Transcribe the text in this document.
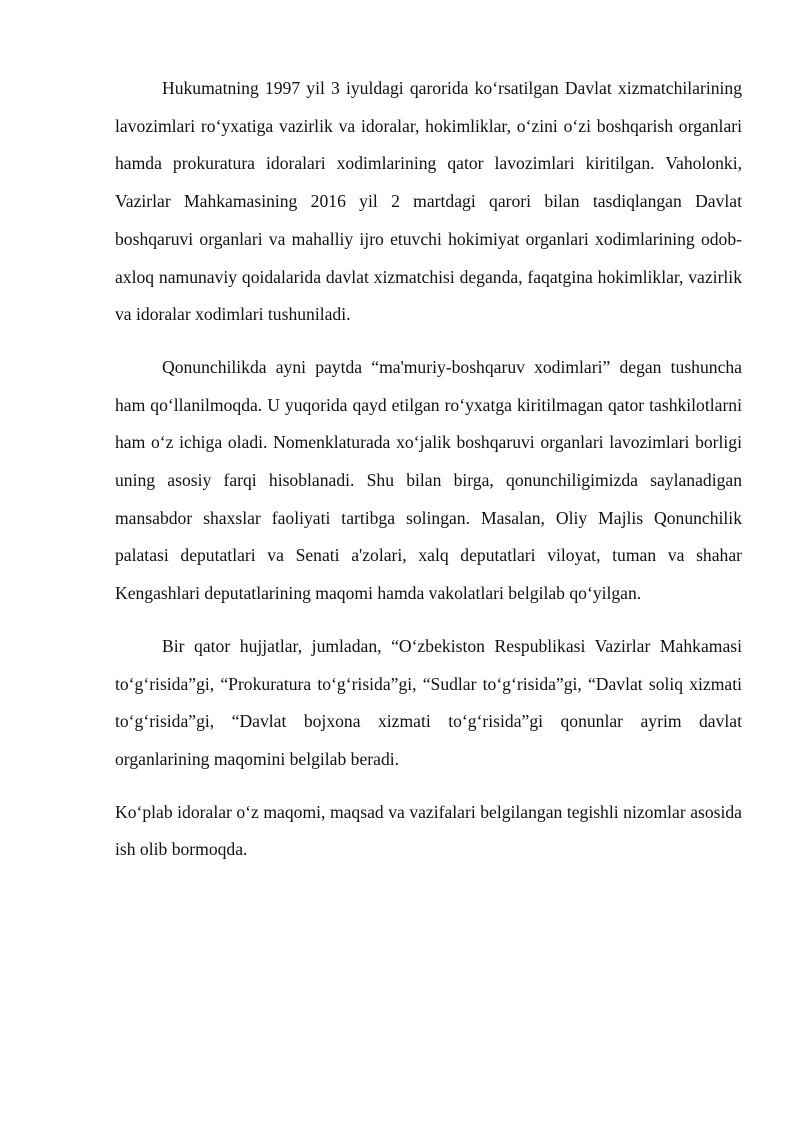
Hukumatning 1997 yil 3 iyuldagi qarorida ko‘rsatilgan Davlat xizmatchilarining lavozimlari ro‘yxatiga vazirlik va idoralar, hokimliklar, o‘zini o‘zi boshqarish organlari hamda prokuratura idoralari xodimlarining qator lavozimlari kiritilgan. Vaholonki, Vazirlar Mahkamasining 2016 yil 2 martdagi qarori bilan tasdiqlangan Davlat boshqaruvi organlari va mahalliy ijro etuvchi hokimiyat organlari xodimlarining odob-axloq namunaviy qoidalarida davlat xizmatchisi deganda, faqatgina hokimliklar, vazirlik va idoralar xodimlari tushuniladi.

Qonunchilikda ayni paytda “ma'muriy-boshqaruv xodimlari” degan tushuncha ham qo‘llanilmoqda. U yuqorida qayd etilgan ro‘yxatga kiritilmagan qator tashkilotlarni ham o‘z ichiga oladi. Nomenklaturada xo‘jalik boshqaruvi organlari lavozimlari borligi uning asosiy farqi hisoblanadi. Shu bilan birga, qonunchiligimizda saylanadigan mansabdor shaxslar faoliyati tartibga solingan. Masalan, Oliy Majlis Qonunchilik palatasi deputatlari va Senati a'zolari, xalq deputatlari viloyat, tuman va shahar Kengashlari deputatlarining maqomi hamda vakolatlari belgilab qo‘yilgan.

Bir qator hujjatlar, jumladan, “O‘zbekiston Respublikasi Vazirlar Mahkamasi to‘g‘risida”gi, “Prokuratura to‘g‘risida”gi, “Sudlar to‘g‘risida”gi, “Davlat soliq xizmati to‘g‘risida”gi, “Davlat bojxona xizmati to‘g‘risida”gi qonunlar ayrim davlat organlarining maqomini belgilab beradi.

Ko‘plab idoralar o‘z maqomi, maqsad va vazifalari belgilangan tegishli nizomlar asosida ish olib bormoqda.
